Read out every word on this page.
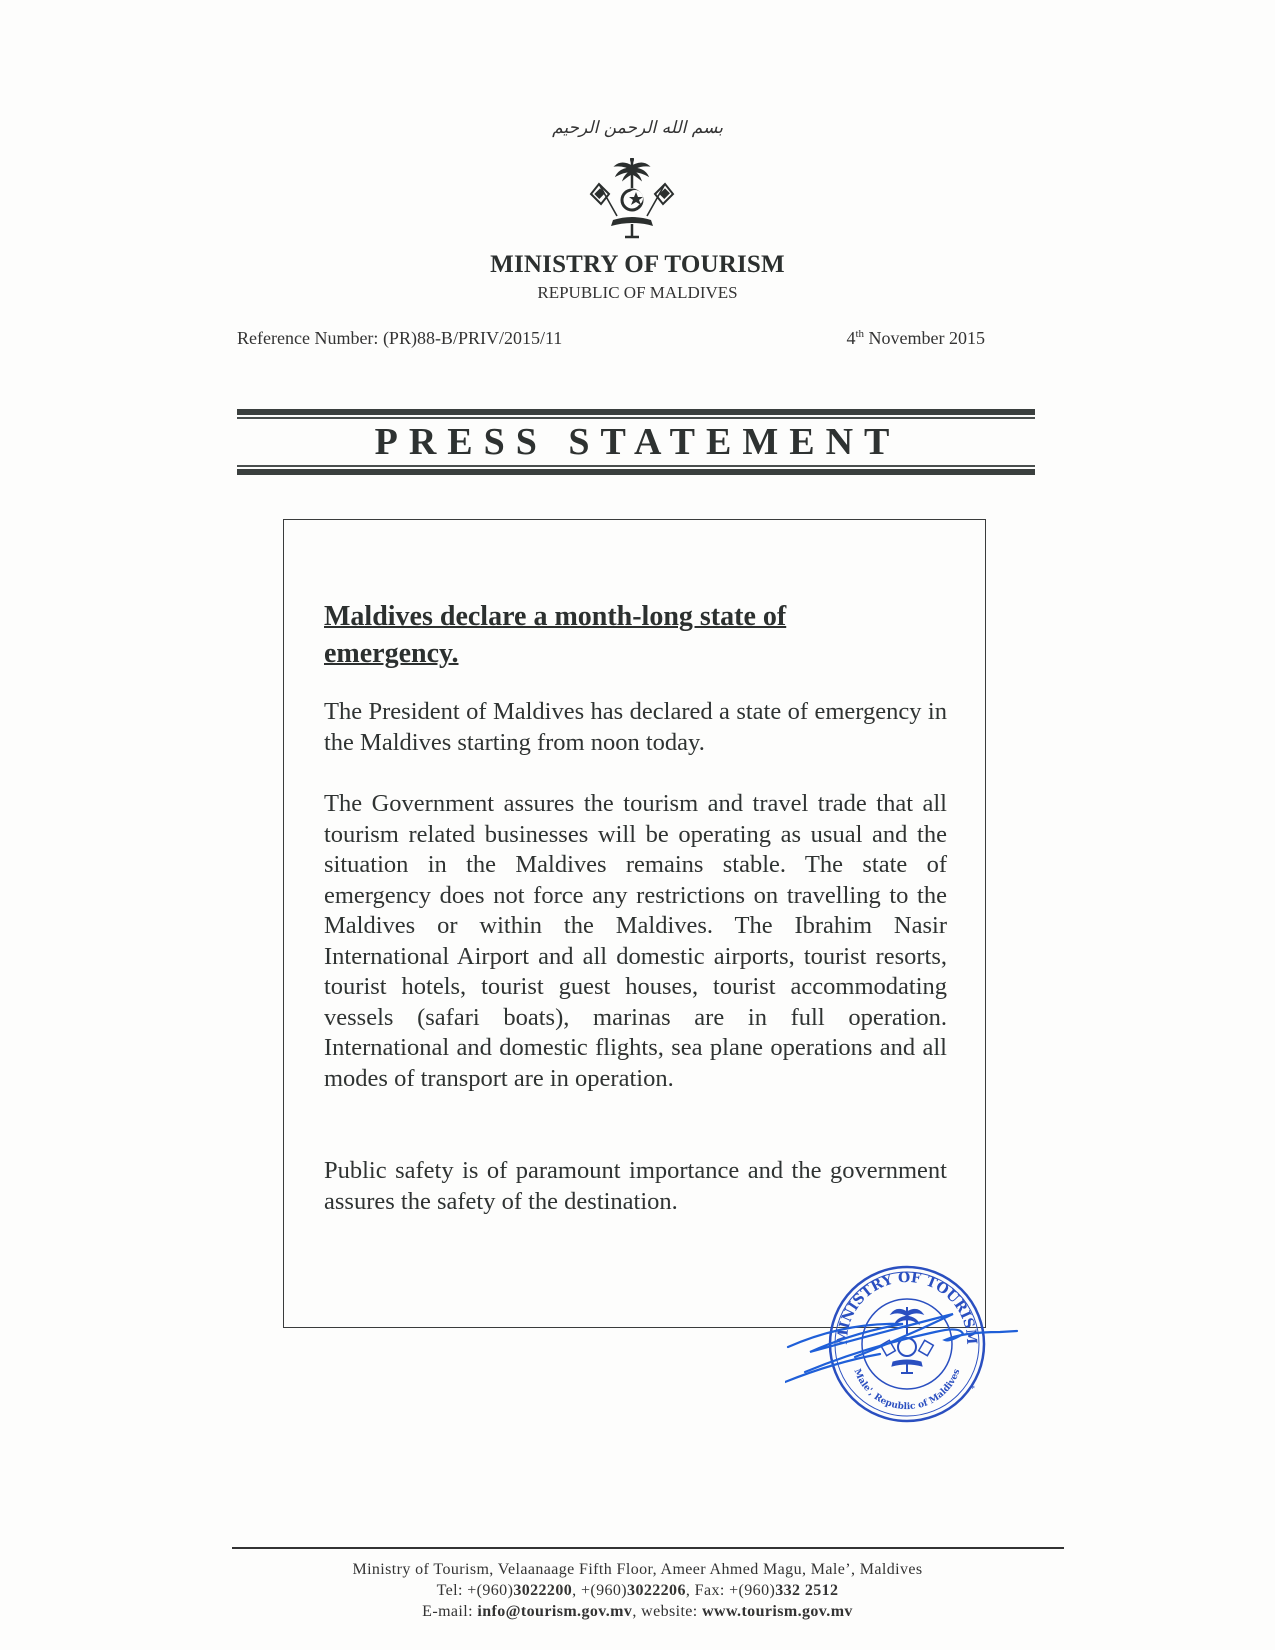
بسم الله الرحمن الرحيم
MINISTRY OF TOURISM
REPUBLIC OF MALDIVES
Reference Number: (PR)88-B/PRIV/2015/11	4th November 2015
PRESS STATEMENT
Maldives declare a month-long state of emergency.
The President of Maldives has declared a state of emergency in the Maldives starting from noon today.
The Government assures the tourism and travel trade that all tourism related businesses will be operating as usual and the situation in the Maldives remains stable. The state of emergency does not force any restrictions on travelling to the Maldives or within the Maldives. The Ibrahim Nasir International Airport and all domestic airports, tourist resorts, tourist hotels, tourist guest houses, tourist accommodating vessels (safari boats), marinas are in full operation. International and domestic flights, sea plane operations and all modes of transport are in operation.
Public safety is of paramount importance and the government assures the safety of the destination.
MINISTRY OF TOURISM
Male', Republic of Maldives
*
Ministry of Tourism, Velaanaage Fifth Floor, Ameer Ahmed Magu, Male’, Maldives
Tel: +(960)3022200, +(960)3022206, Fax: +(960)332 2512
E-mail: info@tourism.gov.mv, website: www.tourism.gov.mv
